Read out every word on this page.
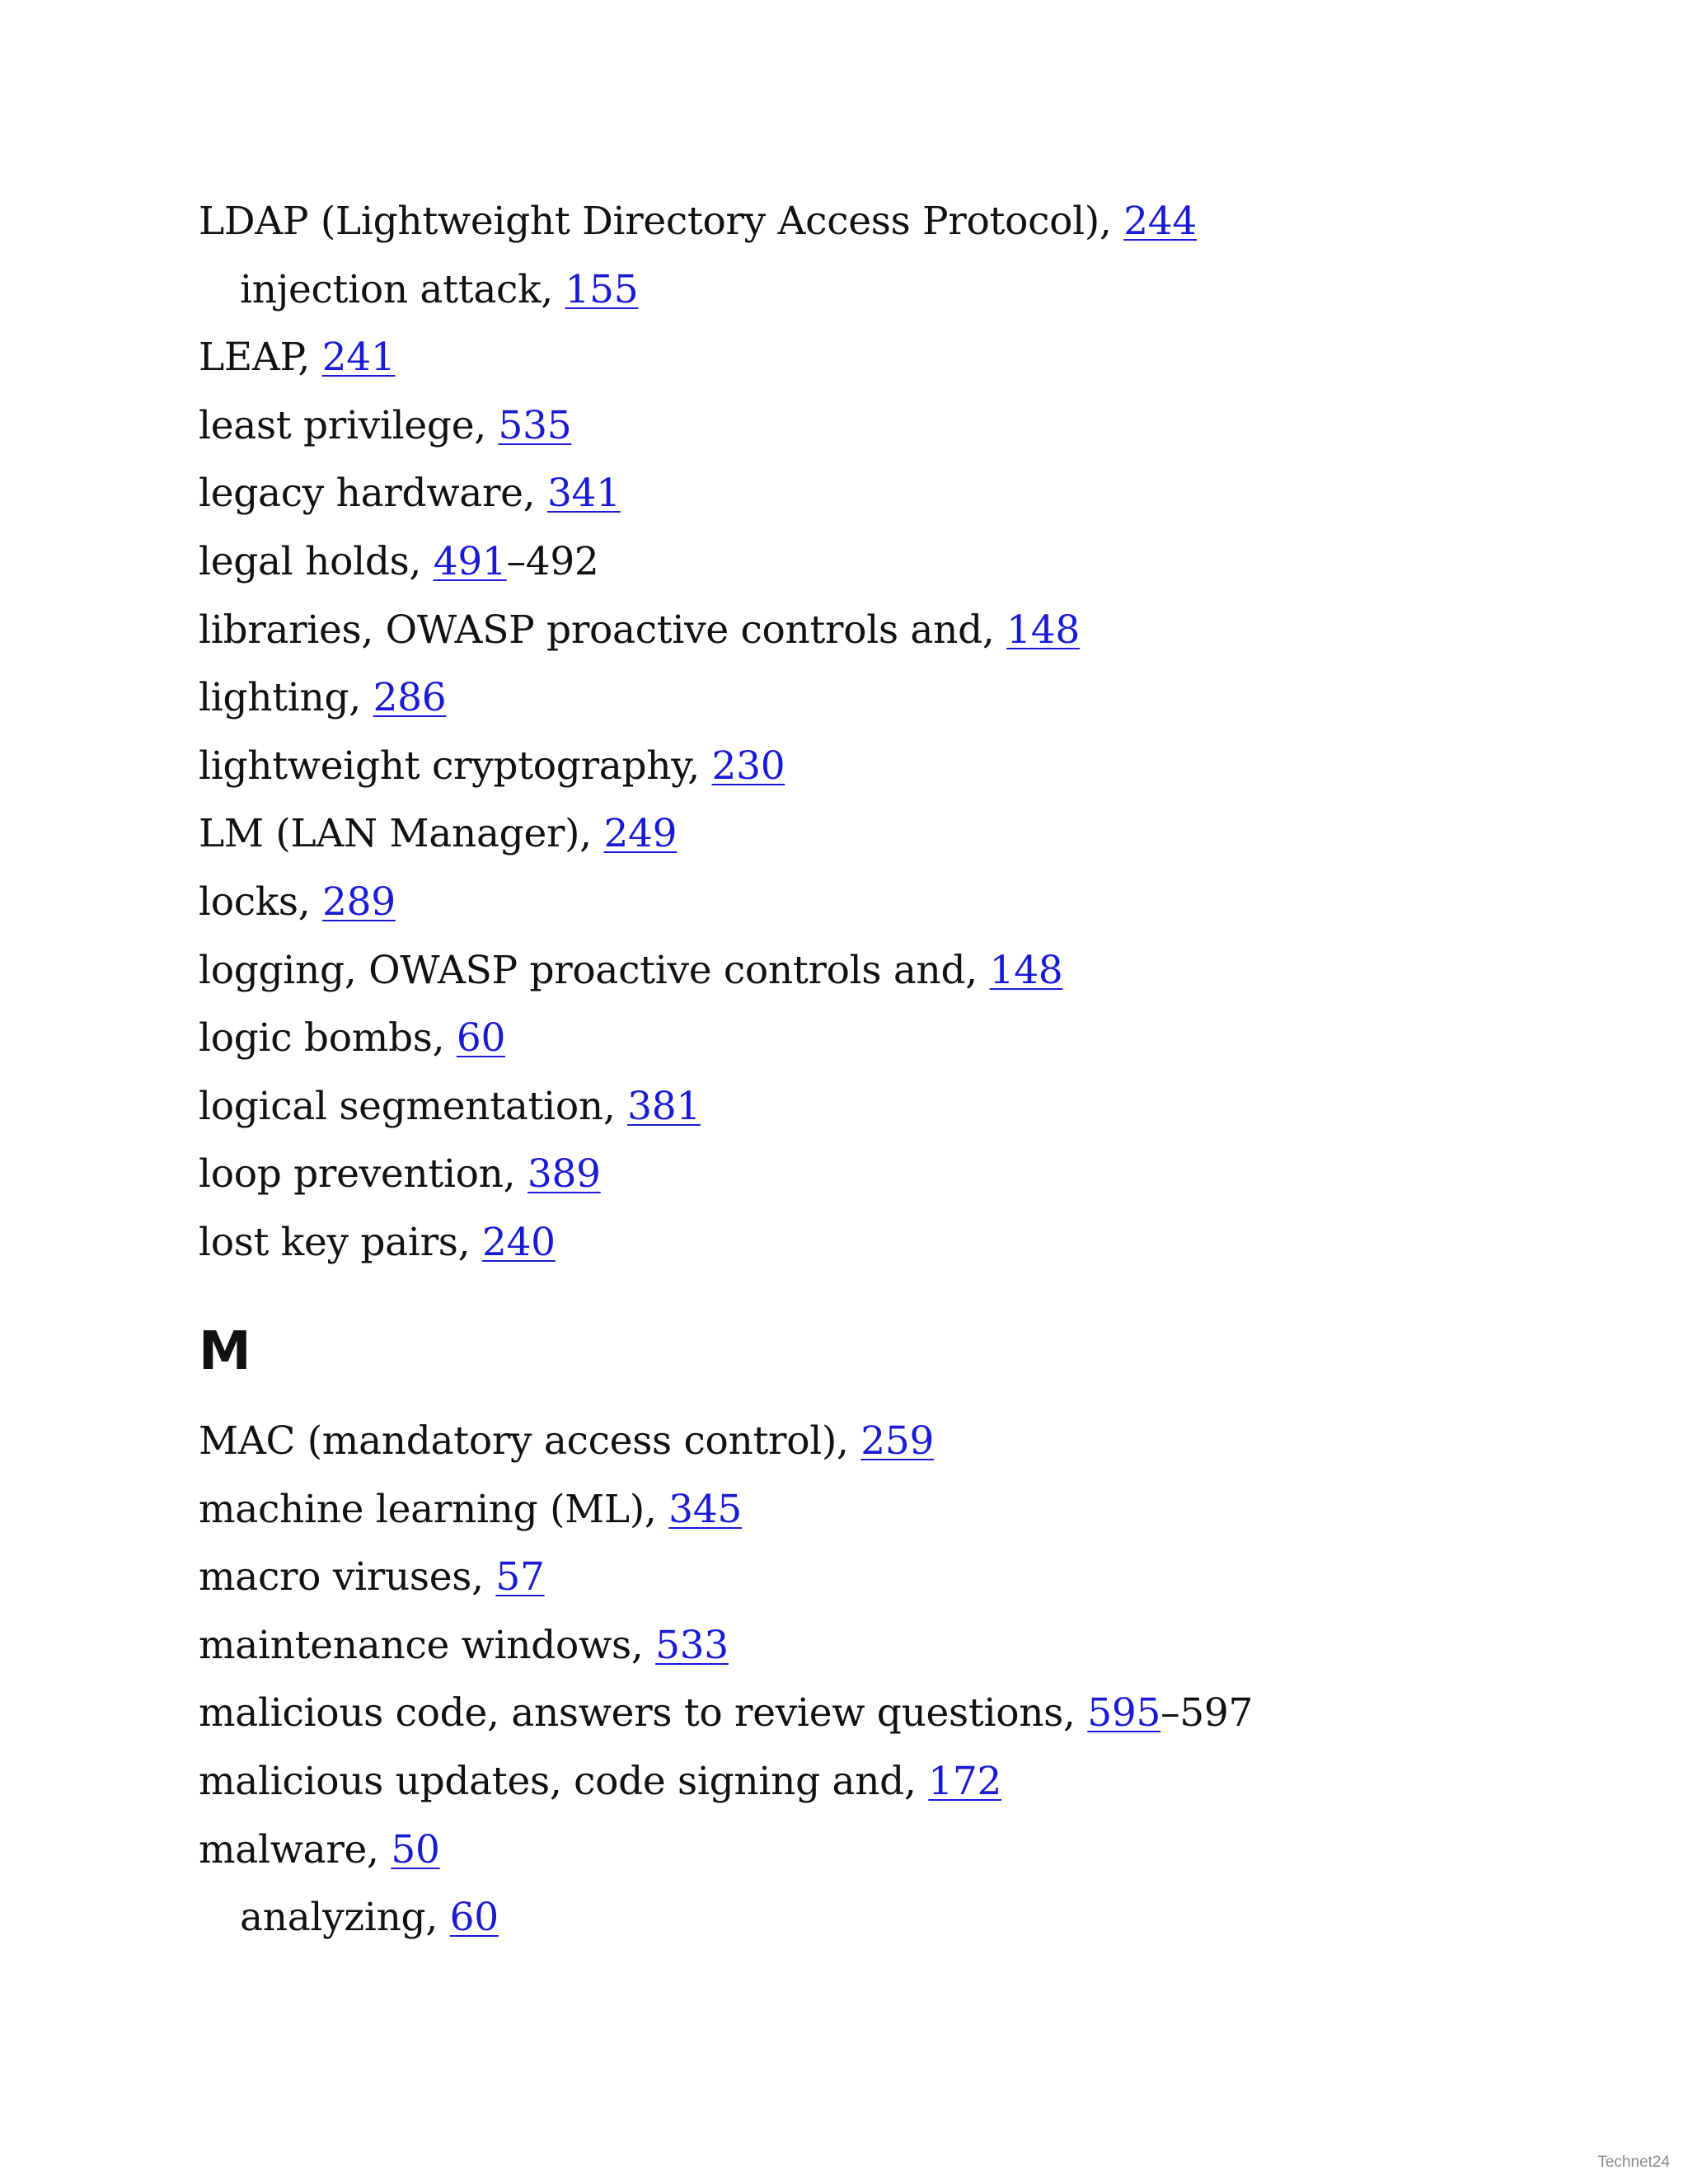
LDAP (Lightweight Directory Access Protocol), 244
injection attack, 155
LEAP, 241
least privilege, 535
legacy hardware, 341
legal holds, 491–492
libraries, OWASP proactive controls and, 148
lighting, 286
lightweight cryptography, 230
LM (LAN Manager), 249
locks, 289
logging, OWASP proactive controls and, 148
logic bombs, 60
logical segmentation, 381
loop prevention, 389
lost key pairs, 240
M
MAC (mandatory access control), 259
machine learning (ML), 345
macro viruses, 57
maintenance windows, 533
malicious code, answers to review questions, 595–597
malicious updates, code signing and, 172
malware, 50
analyzing, 60
Technet24
